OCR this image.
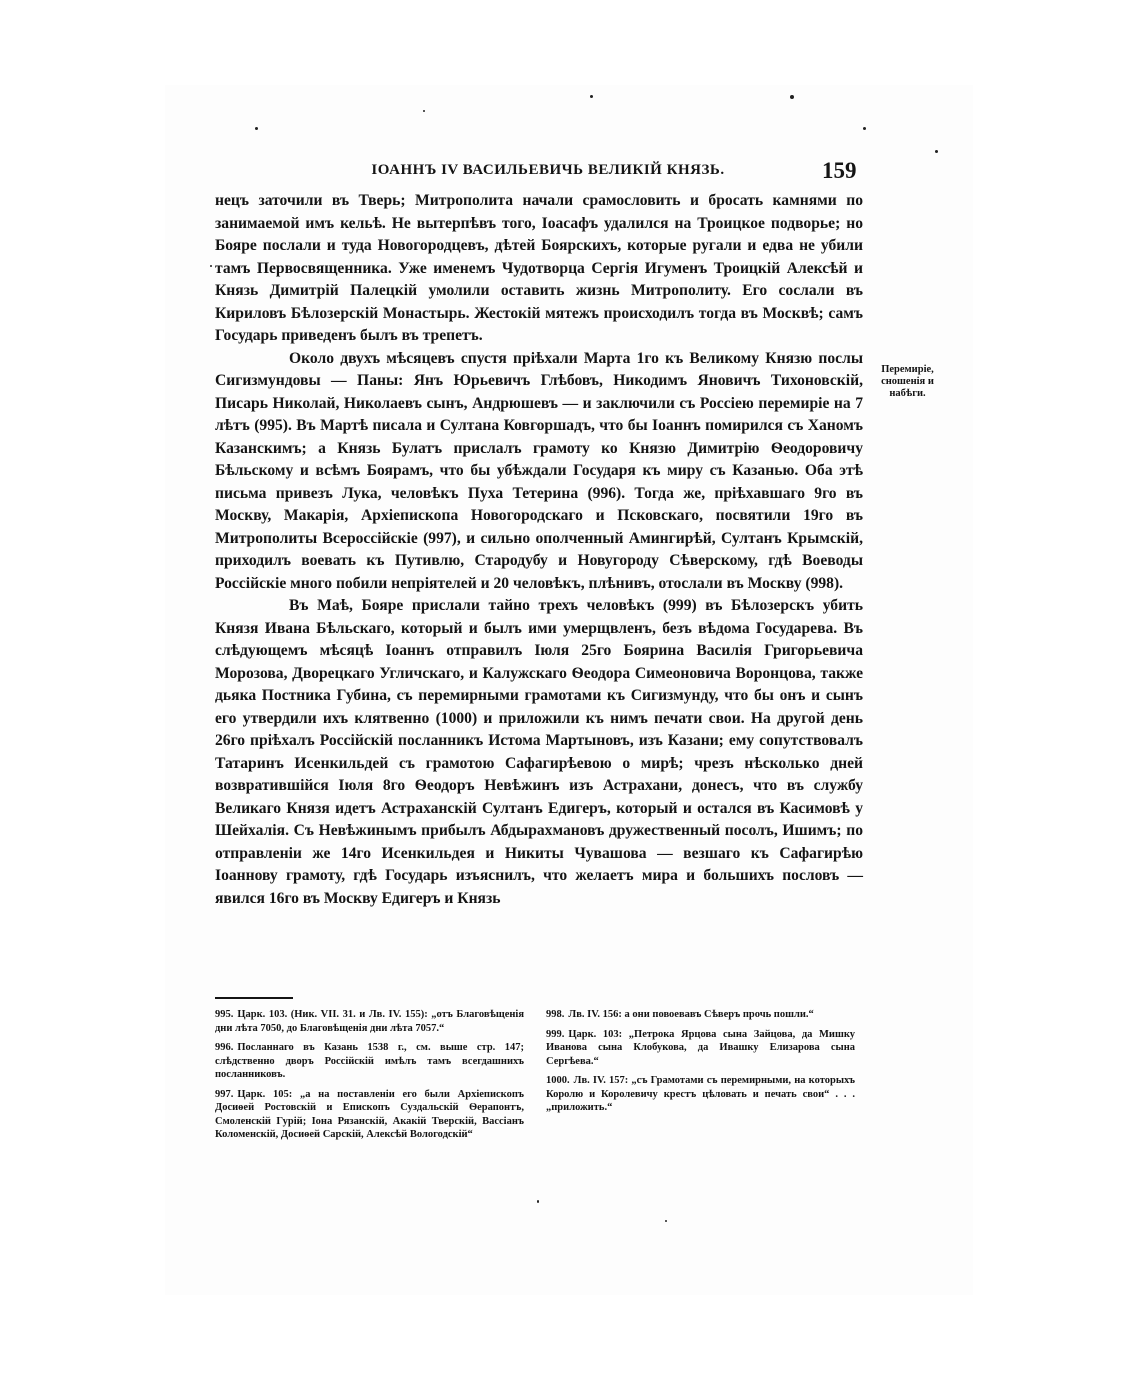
ІОАННЪ IV ВАСИЛЬЕВИЧЬ ВЕЛИКІЙ КНЯЗЬ.	159

нецъ заточили въ Тверь; Митрополита начали срамословить и бросать камнями по занимаемой имъ кельѣ. Не вытерпѣвъ того, Іоасафъ удалился на Троицкое подворье; но Бояре послали и туда Новогородцевъ, дѣтей Боярскихъ, которые ругали и едва не убили тамъ Первосвященника. Уже именемъ Чудотворца Сергія Игуменъ Троицкій Алексѣй и Князь Димитрій Палецкій умолили оставить жизнь Митрополиту. Его сослали въ Кириловъ Бѣлозерскій Монастырь. Жестокій мятежъ происходилъ тогда въ Москвѣ; самъ Государь приведенъ былъ въ трепетъ.

Около двухъ мѣсяцевъ спустя пріѣхали Марта 1го къ Великому Князю послы Сигизмундовы — Паны: Янъ Юрьевичъ Глѣбовъ, Никодимъ Яновичъ Тихоновскій, Писарь Николай, Николаевъ сынъ, Андрюшевъ — и заключили съ Россіею перемиріе на 7 лѣтъ (995). Въ Мартѣ писала и Султана Ковгоршадъ, что бы Іоаннъ помирился съ Ханомъ Казанскимъ; а Князь Булатъ прислалъ грамоту ко Князю Димитрію Ѳеодоровичу Бѣльскому и всѣмъ Боярамъ, что бы убѣждали Государя къ миру съ Казанью. Оба этѣ письма привезъ Лука, человѣкъ Пуха Тетерина (996). Тогда же, пріѣхавшаго 9го въ Москву, Макарія, Архіепископа Новогородскаго и Псковскаго, посвятили 19го въ Митрополиты Всероссійскіе (997), и сильно ополченный Амингирѣй, Султанъ Крымскій, приходилъ воевать къ Путивлю, Стародубу и Новугороду Сѣверскому, гдѣ Воеводы Россійскіе много побили непріятелей и 20 человѣкъ, плѣнивъ, отослали въ Москву (998).

Въ Маѣ, Бояре прислали тайно трехъ человѣкъ (999) въ Бѣлозерскъ убить Князя Ивана Бѣльскаго, который и былъ ими умерщвленъ, безъ вѣдома Государева. Въ слѣдующемъ мѣсяцѣ Іоаннъ отправилъ Іюля 25го Боярина Василія Григорьевича Морозова, Дворецкаго Угличскаго, и Калужскаго Ѳеодора Симеоновича Воронцова, также дьяка Постника Губина, съ перемирными грамотами къ Сигизмунду, что бы онъ и сынъ его утвердили ихъ клятвенно (1000) и приложили къ нимъ печати свои. На другой день 26го пріѣхалъ Россійскій посланникъ Истома Мартыновъ, изъ Казани; ему сопутствовалъ Татаринъ Исенкильдей съ грамотою Сафагирѣевою о мирѣ; чрезъ нѣсколько дней возвратившійся Іюля 8го Ѳеодоръ Невѣжинъ изъ Астрахани, донесъ, что въ службу Великаго Князя идетъ Астраханскій Султанъ Едигеръ, который и остался въ Касимовѣ у Шейхалія. Съ Невѣжинымъ прибылъ Абдырахмановъ дружественный посолъ, Ишимъ; по отправленіи же 14го Исенкильдея и Никиты Чувашова — везшаго къ Сафагирѣю Іоаннову грамоту, гдѣ Государь изъяснилъ, что желаетъ мира и большихъ пословъ — явился 16го въ Москву Едигеръ и Князь

Перемиріе, сношенія и набѣги.

995. Царк. 103. (Ник. VII. 31. и Лв. IV. 155): „отъ Благовѣщенія дни лѣта 7050, до Благовѣщенія дни лѣта 7057.“

996. Посланнаго въ Казань 1538 г., см. выше стр. 147; слѣдственно дворъ Россійскій имѣлъ тамъ всегдашнихъ посланниковъ.

997. Царк. 105: „а на поставленіи его были Архіепископъ Досиѳей Ростовскій и Епископъ Суздальскій Ѳерапонтъ, Смоленскій Гурій; Іона Рязанскій, Акакій Тверскій, Вассіанъ Коломенскій, Досиѳей Сарскій, Алексѣй Вологодскій“

998. Лв. IV. 156: а они повоевавъ Сѣверъ прочь пошли.“

999. Царк. 103: „Петрока Ярцова сына Зайцова, да Мишку Иванова сына Клобукова, да Ивашку Елизарова сына Сергѣева.“

1000. Лв. IV. 157: „съ Грамотами съ перемирными, на которыхъ Королю и Королевичу крестъ цѣловать и печать свои“ . . . „приложить.“
